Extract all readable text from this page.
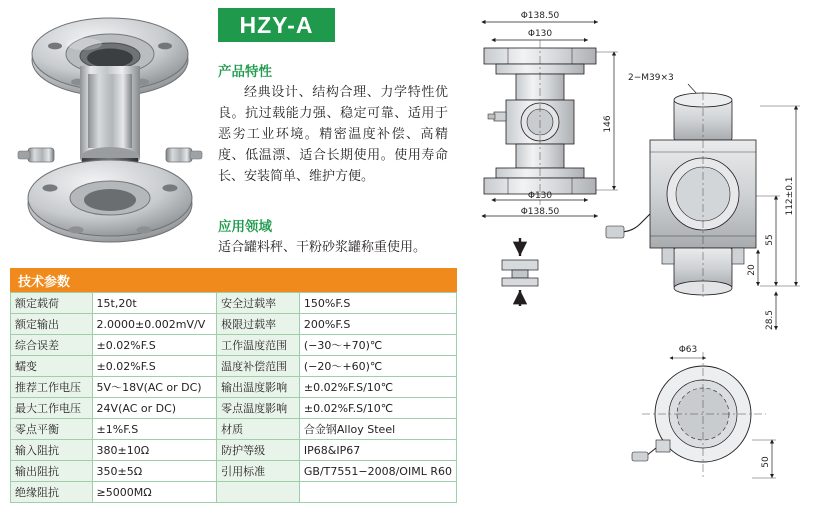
HZY-A
产品特性
经典设计、结构合理、力学特性优良。抗过载能力强、稳定可靠、适用于恶劣工业环境。精密温度补偿、高精度、低温漂、适合长期使用。使用寿命长、安装简单、维护方便。
应用领域
适合罐料秤、干粉砂浆罐称重使用。
技术参数
额定载荷	15t,20t	安全过载率	150%F.S
额定输出	2.0000±0.002mV/V	极限过载率	200%F.S
综合误差	±0.02%F.S	工作温度范围	(−30～+70)℃
蠕变	±0.02%F.S	温度补偿范围	(−20～+60)℃
推荐工作电压	5V～18V(AC or DC)	输出温度影响	±0.02%F.S/10℃
最大工作电压	24V(AC or DC)	零点温度影响	±0.02%F.S/10℃
零点平衡	±1%F.S	材质	合金钢Alloy Steel
输入阻抗	380±10Ω	防护等级	IP68&IP67
输出阻抗	350±5Ω	引用标准	GB/T7551−2008/OIML R60
绝缘阻抗	≥5000MΩ		
Φ138.50
Φ130
146
Φ130
Φ138.50
2−M39×3
112±0.1
55
20
28.5
Φ63
50
